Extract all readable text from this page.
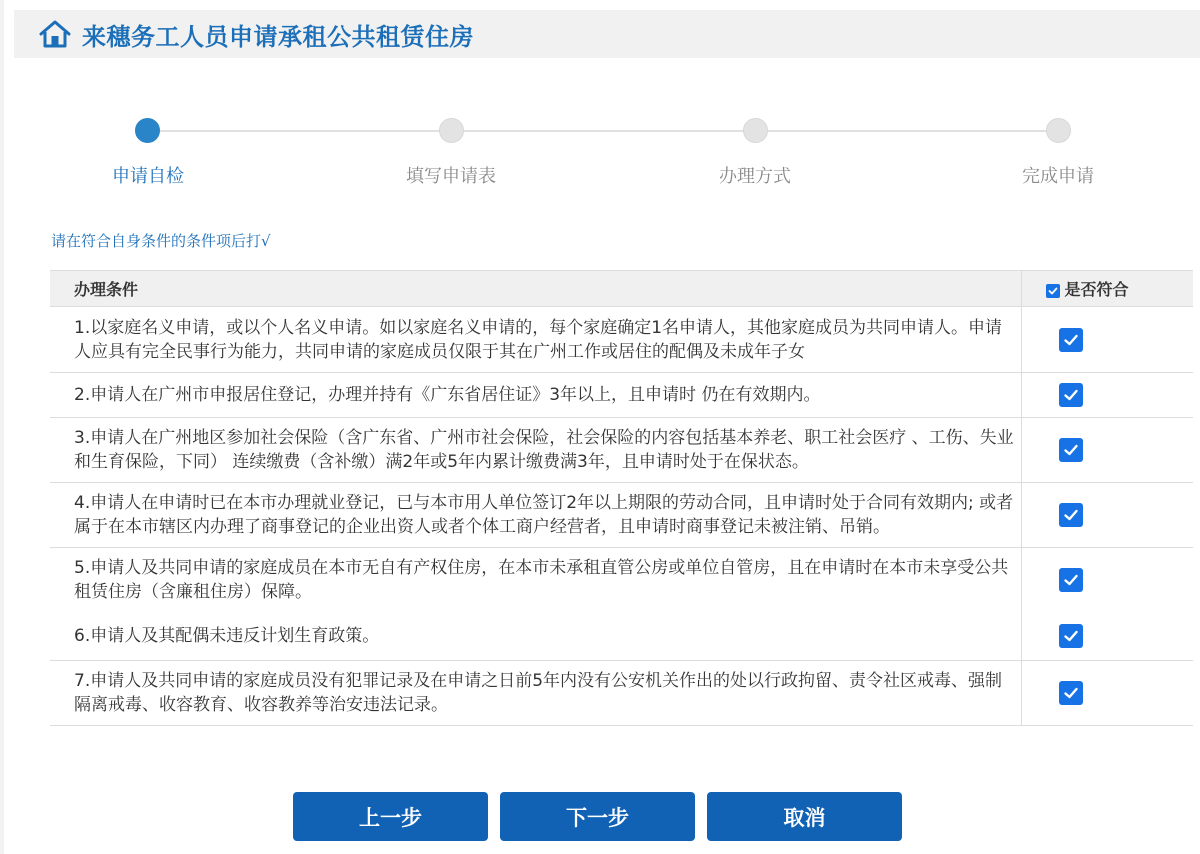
来穗务工人员申请承租公共租赁住房
申请自检	填写申请表	办理方式	完成申请
请在符合自身条件的条件项后打√
办理条件	是否符合
1.以家庭名义申请，或以个人名义申请。如以家庭名义申请的，每个家庭确定1名申请人，其他家庭成员为共同申请人。申请人应具有完全民事行为能力，共同申请的家庭成员仅限于其在广州工作或居住的配偶及未成年子女	

2.申请人在广州市申报居住登记，办理并持有《广东省居住证》3年以上，且申请时 仍在有效期内。	

3.申请人在广州地区参加社会保险（含广东省、广州市社会保险，社会保险的内容包括基本养老、职工社会医疗 、工伤、失业和生育保险，下同） 连续缴费（含补缴）满2年或5年内累计缴费满3年，且申请时处于在保状态。	

4.申请人在申请时已在本市办理就业登记，已与本市用人单位签订2年以上期限的劳动合同，且申请时处于合同有效期内; 或者属于在本市辖区内办理了商事登记的企业出资人或者个体工商户经营者，且申请时商事登记未被注销、吊销。	

5.申请人及共同申请的家庭成员在本市无自有产权住房，在本市未承租直管公房或单位自管房，且在申请时在本市未享受公共租赁住房（含廉租住房）保障。	

6.申请人及其配偶未违反计划生育政策。	

7.申请人及共同申请的家庭成员没有犯罪记录及在申请之日前5年内没有公安机关作出的处以行政拘留、责令社区戒毒、强制隔离戒毒、收容教育、收容教养等治安违法记录。	
上一步	下一步	取消
